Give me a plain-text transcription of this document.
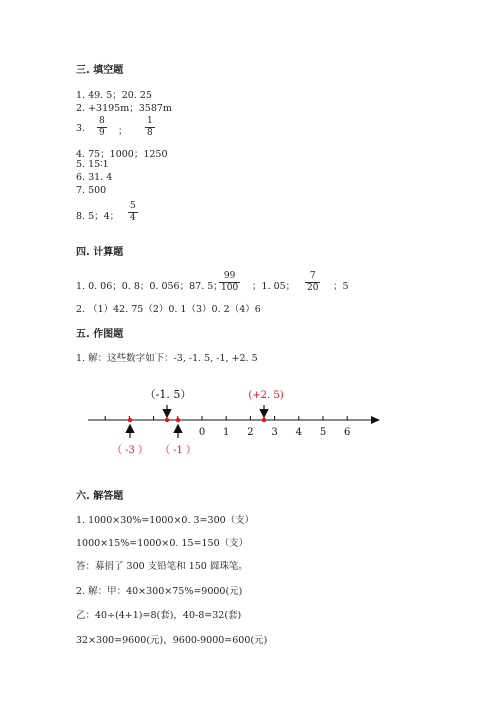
三. 填空题
1. 49. 5；20. 25
2. +3195m；3587m
3. $\frac{8}{9}$ ； $\frac{1}{8}$
4. 75；1000；1250
5. 15∶1
6. 31. 4
7. 500
8. 5；4； $\frac{5}{4}$
四. 计算题
1. 0. 06；0. 8；0. 056；87. 5；
$\frac{99}{100}$ ；1. 05； $\frac{7}{20}$ ；5
2. （1）42. 75（2）0. 1（3）0. 2（4）6
五. 作图题
1. 解：这些数字如下：-3, -1. 5, -1, +2. 5
0 1 2 3 4 5 6
（-1. 5）	(+2. 5)
（ -3 ） （ -1 ）
六. 解答题
1. 1000×30%=1000×0. 3=300（支）
1000×15%=1000×0. 15=150（支）
答：募捐了 300 支铅笔和 150 圆珠笔。
2. 解：甲：40×300×75%=9000(元)
乙：40÷(4+1)=8(套)，40-8=32(套)
32×300=9600(元)，9600-9000=600(元)
